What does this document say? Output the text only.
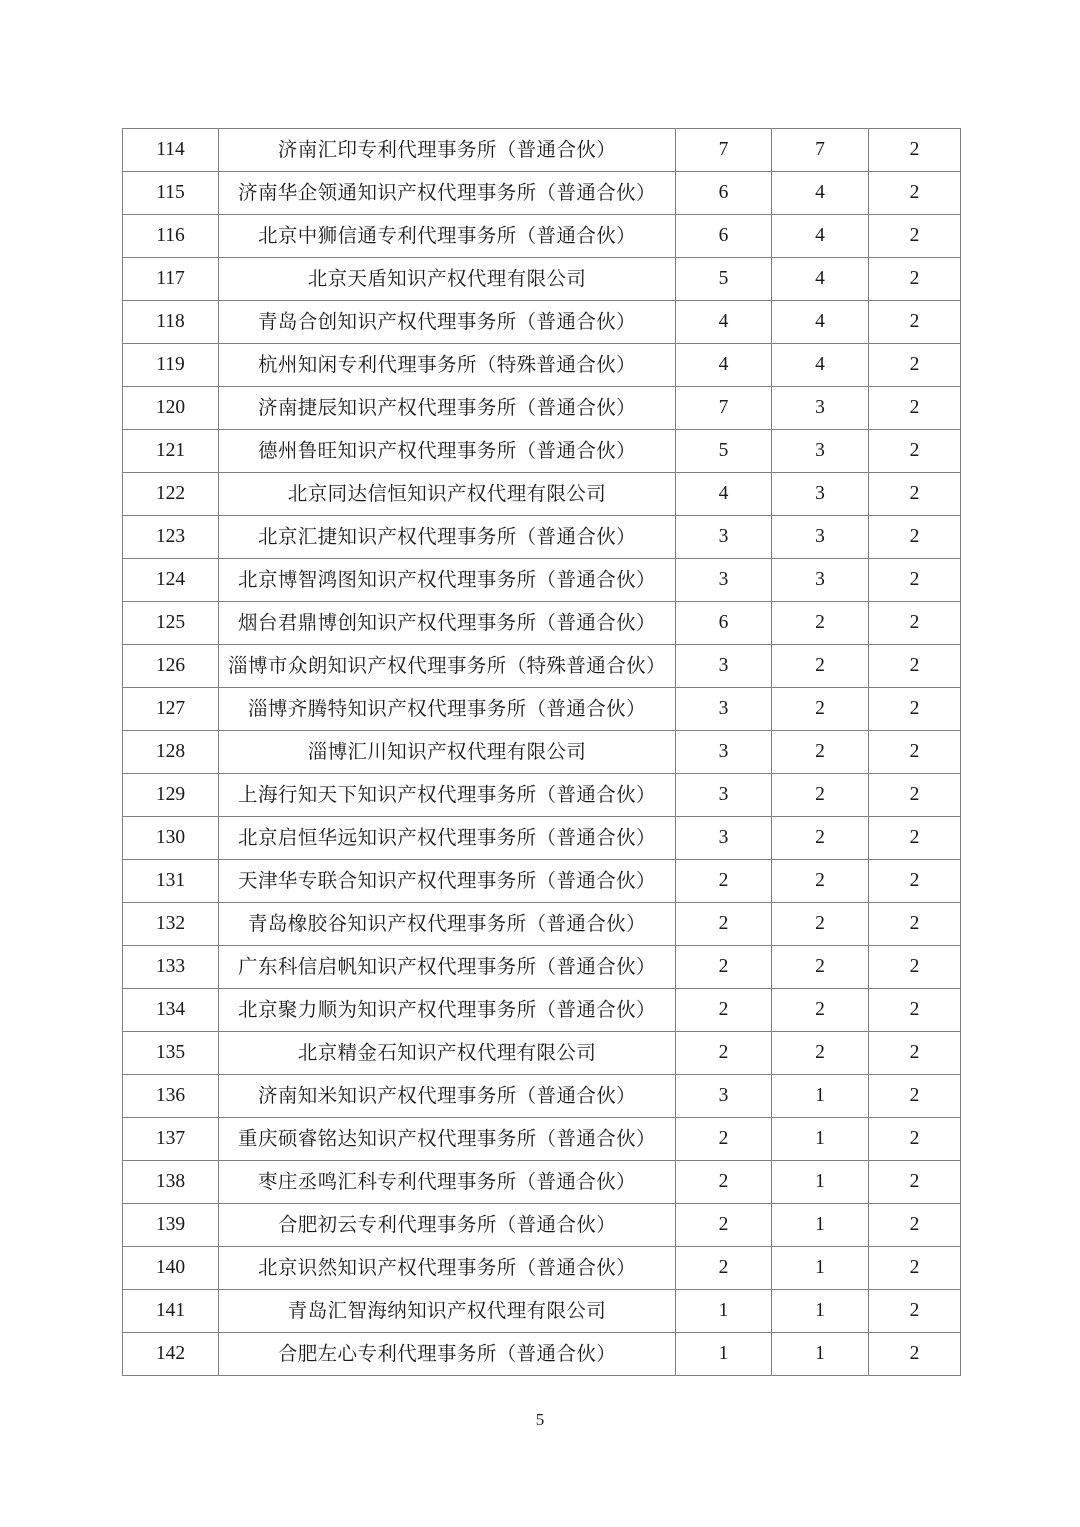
114	济南汇印专利代理事务所（普通合伙）	7	7	2
115	济南华企领通知识产权代理事务所（普通合伙）	6	4	2
116	北京中狮信通专利代理事务所（普通合伙）	6	4	2
117	北京天盾知识产权代理有限公司	5	4	2
118	青岛合创知识产权代理事务所（普通合伙）	4	4	2
119	杭州知闲专利代理事务所（特殊普通合伙）	4	4	2
120	济南捷辰知识产权代理事务所（普通合伙）	7	3	2
121	德州鲁旺知识产权代理事务所（普通合伙）	5	3	2
122	北京同达信恒知识产权代理有限公司	4	3	2
123	北京汇捷知识产权代理事务所（普通合伙）	3	3	2
124	北京博智鸿图知识产权代理事务所（普通合伙）	3	3	2
125	烟台君鼎博创知识产权代理事务所（普通合伙）	6	2	2
126	淄博市众朗知识产权代理事务所（特殊普通合伙）	3	2	2
127	淄博齐腾特知识产权代理事务所（普通合伙）	3	2	2
128	淄博汇川知识产权代理有限公司	3	2	2
129	上海行知天下知识产权代理事务所（普通合伙）	3	2	2
130	北京启恒华远知识产权代理事务所（普通合伙）	3	2	2
131	天津华专联合知识产权代理事务所（普通合伙）	2	2	2
132	青岛橡胶谷知识产权代理事务所（普通合伙）	2	2	2
133	广东科信启帆知识产权代理事务所（普通合伙）	2	2	2
134	北京聚力顺为知识产权代理事务所（普通合伙）	2	2	2
135	北京精金石知识产权代理有限公司	2	2	2
136	济南知米知识产权代理事务所（普通合伙）	3	1	2
137	重庆硕睿铭达知识产权代理事务所（普通合伙）	2	1	2
138	枣庄丞鸣汇科专利代理事务所（普通合伙）	2	1	2
139	合肥初云专利代理事务所（普通合伙）	2	1	2
140	北京识然知识产权代理事务所（普通合伙）	2	1	2
141	青岛汇智海纳知识产权代理有限公司	1	1	2
142	合肥左心专利代理事务所（普通合伙）	1	1	2
5
